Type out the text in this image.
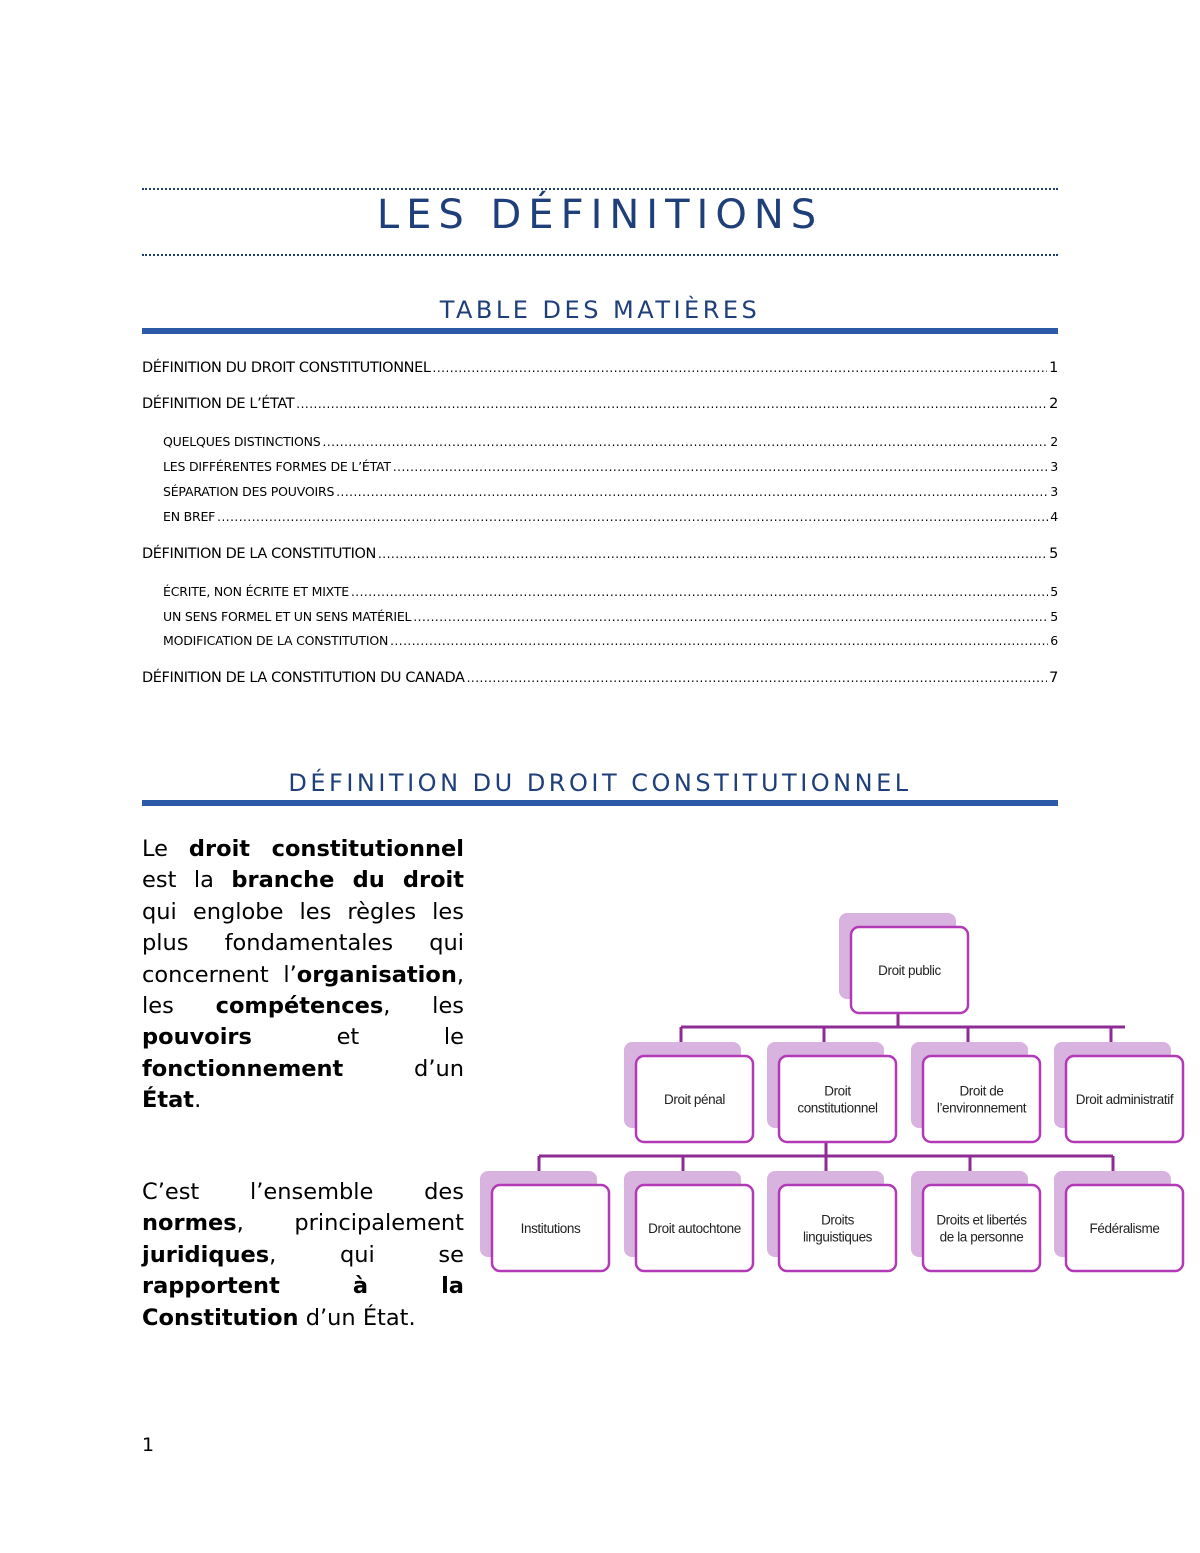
LES DÉFINITIONS
TABLE DES MATIÈRES
DÉFINITION DU DROIT CONSTITUTIONNEL .....	1
DÉFINITION DE L’ÉTAT .....	2
QUELQUES DISTINCTIONS .....	2
LES DIFFÉRENTES FORMES DE L’ÉTAT .....	3
SÉPARATION DES POUVOIRS .....	3
EN BREF .....	4
DÉFINITION DE LA CONSTITUTION .....	5
ÉCRITE, NON ÉCRITE ET MIXTE .....	5
UN SENS FORMEL ET UN SENS MATÉRIEL .....	5
MODIFICATION DE LA CONSTITUTION .....	6
DÉFINITION DE LA CONSTITUTION DU CANADA .....	7
DÉFINITION DU DROIT CONSTITUTIONNEL
Le droit constitutionnel est la branche du droit qui englobe les règles les plus fondamentales qui concernent l’organisation, les compétences, les pouvoirs et le fonctionnement d’un État.
C’est l’ensemble des normes, principalement juridiques, qui se rapportent à la Constitution d’un État.
Droit public
Droit pénal
Droit
constitutionnel
Droit de
l’environnement
Droit administratif
Institutions	Droit autochtone
Droits
linguistiques
Droits et libertés
de la personne
Fédéralisme
1
